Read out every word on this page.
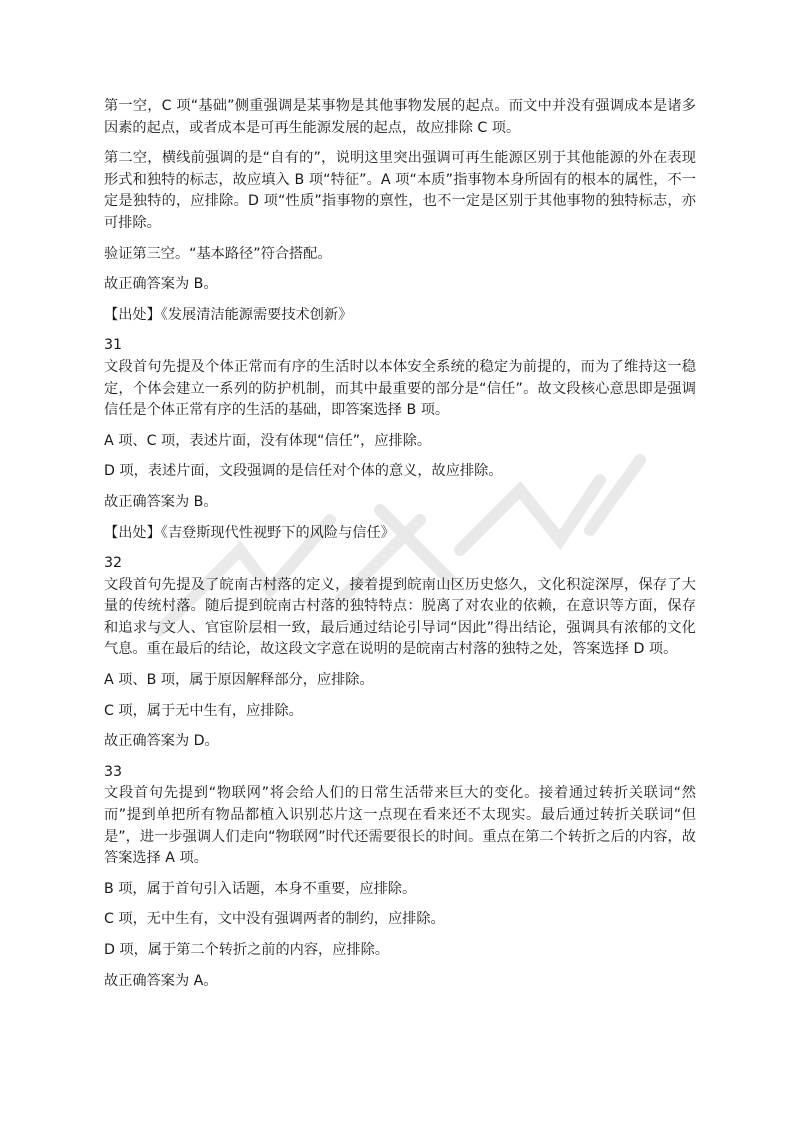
第一空，C 项“基础”侧重强调是某事物是其他事物发展的起点。而文中并没有强调成本是诸多因素的起点，或者成本是可再生能源发展的起点，故应排除 C 项。

第二空，横线前强调的是“自有的”，说明这里突出强调可再生能源区别于其他能源的外在表现形式和独特的标志，故应填入 B 项“特征”。A 项“本质”指事物本身所固有的根本的属性，不一定是独特的，应排除。D 项“性质”指事物的禀性，也不一定是区别于其他事物的独特标志，亦可排除。

验证第三空。“基本路径”符合搭配。

故正确答案为 B。

【出处】《发展清洁能源需要技术创新》

31

文段首句先提及个体正常而有序的生活时以本体安全系统的稳定为前提的，而为了维持这一稳定，个体会建立一系列的防护机制，而其中最重要的部分是“信任”。故文段核心意思即是强调信任是个体正常有序的生活的基础，即答案选择 B 项。

A 项、C 项，表述片面，没有体现“信任”，应排除。

D 项，表述片面，文段强调的是信任对个体的意义，故应排除。

故正确答案为 B。

【出处】《吉登斯现代性视野下的风险与信任》

32

文段首句先提及了皖南古村落的定义，接着提到皖南山区历史悠久，文化积淀深厚，保存了大量的传统村落。随后提到皖南古村落的独特特点：脱离了对农业的依赖，在意识等方面，保存和追求与文人、官宦阶层相一致，最后通过结论引导词“因此”得出结论，强调具有浓郁的文化气息。重在最后的结论，故这段文字意在说明的是皖南古村落的独特之处，答案选择 D 项。

A 项、B 项，属于原因解释部分，应排除。

C 项，属于无中生有，应排除。

故正确答案为 D。

33

文段首句先提到“物联网”将会给人们的日常生活带来巨大的变化。接着通过转折关联词“然而”提到单把所有物品都植入识别芯片这一点现在看来还不太现实。最后通过转折关联词“但是”，进一步强调人们走向“物联网”时代还需要很长的时间。重点在第二个转折之后的内容，故答案选择 A 项。

B 项，属于首句引入话题，本身不重要，应排除。

C 项，无中生有，文中没有强调两者的制约，应排除。

D 项，属于第二个转折之前的内容，应排除。

故正确答案为 A。
